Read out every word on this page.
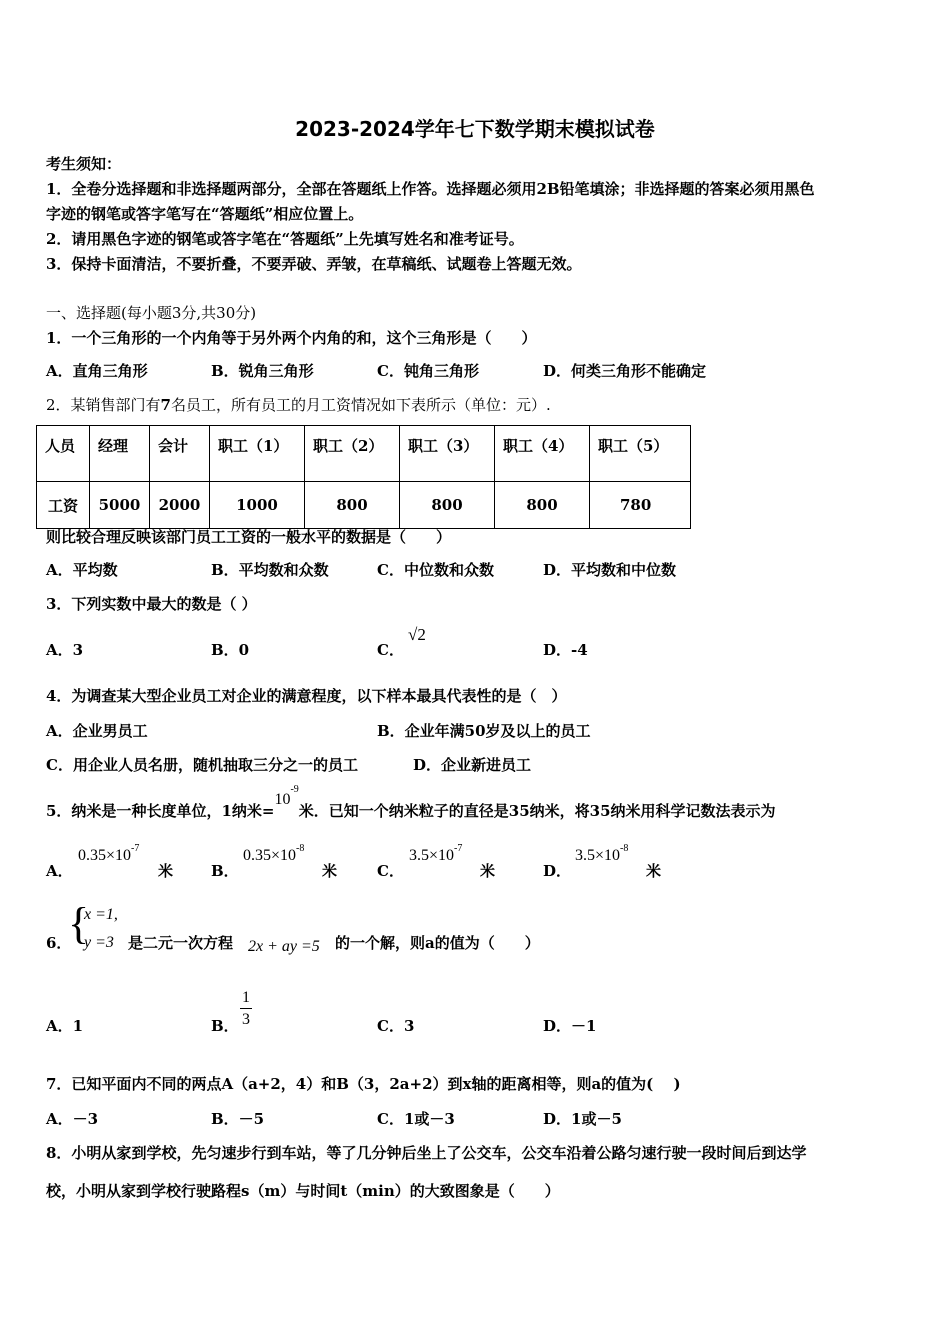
2023-2024学年七下数学期末模拟试卷
考生须知：
1．全卷分选择题和非选择题两部分，全部在答题纸上作答。选择题必须用2B铅笔填涂；非选择题的答案必须用黑色
字迹的钢笔或答字笔写在“答题纸”相应位置上。
2．请用黑色字迹的钢笔或答字笔在“答题纸”上先填写姓名和准考证号。
3．保持卡面清洁，不要折叠，不要弄破、弄皱，在草稿纸、试题卷上答题无效。
一、选择题(每小题3分,共30分)
1．一个三角形的一个内角等于另外两个内角的和，这个三角形是（　　）
A．直角三角形	B．锐角三角形	C．钝角三角形	D．何类三角形不能确定
2．某销售部门有7名员工，所有员工的月工资情况如下表所示（单位：元）.
人员	经理	会计	职工（1）	职工（2）	职工（3）	职工（4）	职工（5）
工资	5000	2000	1000	800	800	800	780
则比较合理反映该部门员工工资的一般水平的数据是（　　）
A．平均数	B．平均数和众数	C．中位数和众数	D．平均数和中位数
3．下列实数中最大的数是（ ）
A．3	B．0	C．
√2
D．-4
4．为调查某大型企业员工对企业的满意程度，以下样本最具代表性的是（　）
A．企业男员工	B．企业年满50岁及以上的员工
C．用企业人员名册，随机抽取三分之一的员工	D．企业新进员工
5．纳米是一种长度单位，1纳米$=10^{-9}$米．已知一个纳米粒子的直径是35纳米，将35纳米用科学记数法表示为
A．
$0.35\times 10^{-7}$
米	B．
$0.35\times 10^{-8}$
米	C．
$3.5\times 10^{-7}$
米	D．
$3.5\times 10^{-8}$
米
6．
{
x =1,
y =3 是二元一次方程 2x + ay =5 的一个解，则a的值为（　　）
A．1	B． $\frac{1}{3}$	C．3	D．－1
7．已知平面内不同的两点A（a+2，4）和B（3，2a+2）到x轴的距离相等，则a的值为(　 )
A．－3	B．－5	C．1或－3	D．1或－5
8．小明从家到学校，先匀速步行到车站，等了几分钟后坐上了公交车，公交车沿着公路匀速行驶一段时间后到达学
校，小明从家到学校行驶路程s（m）与时间t（min）的大致图象是（　　）
